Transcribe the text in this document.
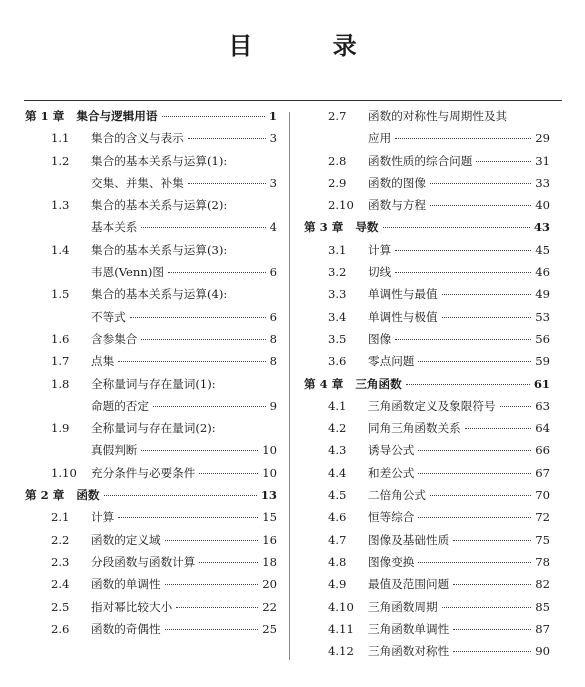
目 录
第 1 章 集合与逻辑用语	1
1.1	集合的含义与表示	3
1.2	集合的基本关系与运算(1):
交集、并集、补集	3
1.3	集合的基本关系与运算(2):
基本关系	4
1.4	集合的基本关系与运算(3):
韦恩(Venn)图	6
1.5	集合的基本关系与运算(4):
不等式	6
1.6	含参集合	8
1.7	点集	8
1.8	全称量词与存在量词(1):
命题的否定	9
1.9	全称量词与存在量词(2):
真假判断	10
1.10	充分条件与必要条件	10
第 2 章 函数	13
2.1	计算	15
2.2	函数的定义域	16
2.3	分段函数与函数计算	18
2.4	函数的单调性	20
2.5	指对幂比较大小	22
2.6	函数的奇偶性	25
2.7	函数的对称性与周期性及其
应用	29
2.8	函数性质的综合问题	31
2.9	函数的图像	33
2.10	函数与方程	40
第 3 章 导数	43
3.1	计算	45
3.2	切线	46
3.3	单调性与最值	49
3.4	单调性与极值	53
3.5	图像	56
3.6	零点问题	59
第 4 章 三角函数	61
4.1	三角函数定义及象限符号	63
4.2	同角三角函数关系	64
4.3	诱导公式	66
4.4	和差公式	67
4.5	二倍角公式	70
4.6	恒等综合	72
4.7	图像及基础性质	75
4.8	图像变换	78
4.9	最值及范围问题	82
4.10	三角函数周期	85
4.11	三角函数单调性	87
4.12	三角函数对称性	90
